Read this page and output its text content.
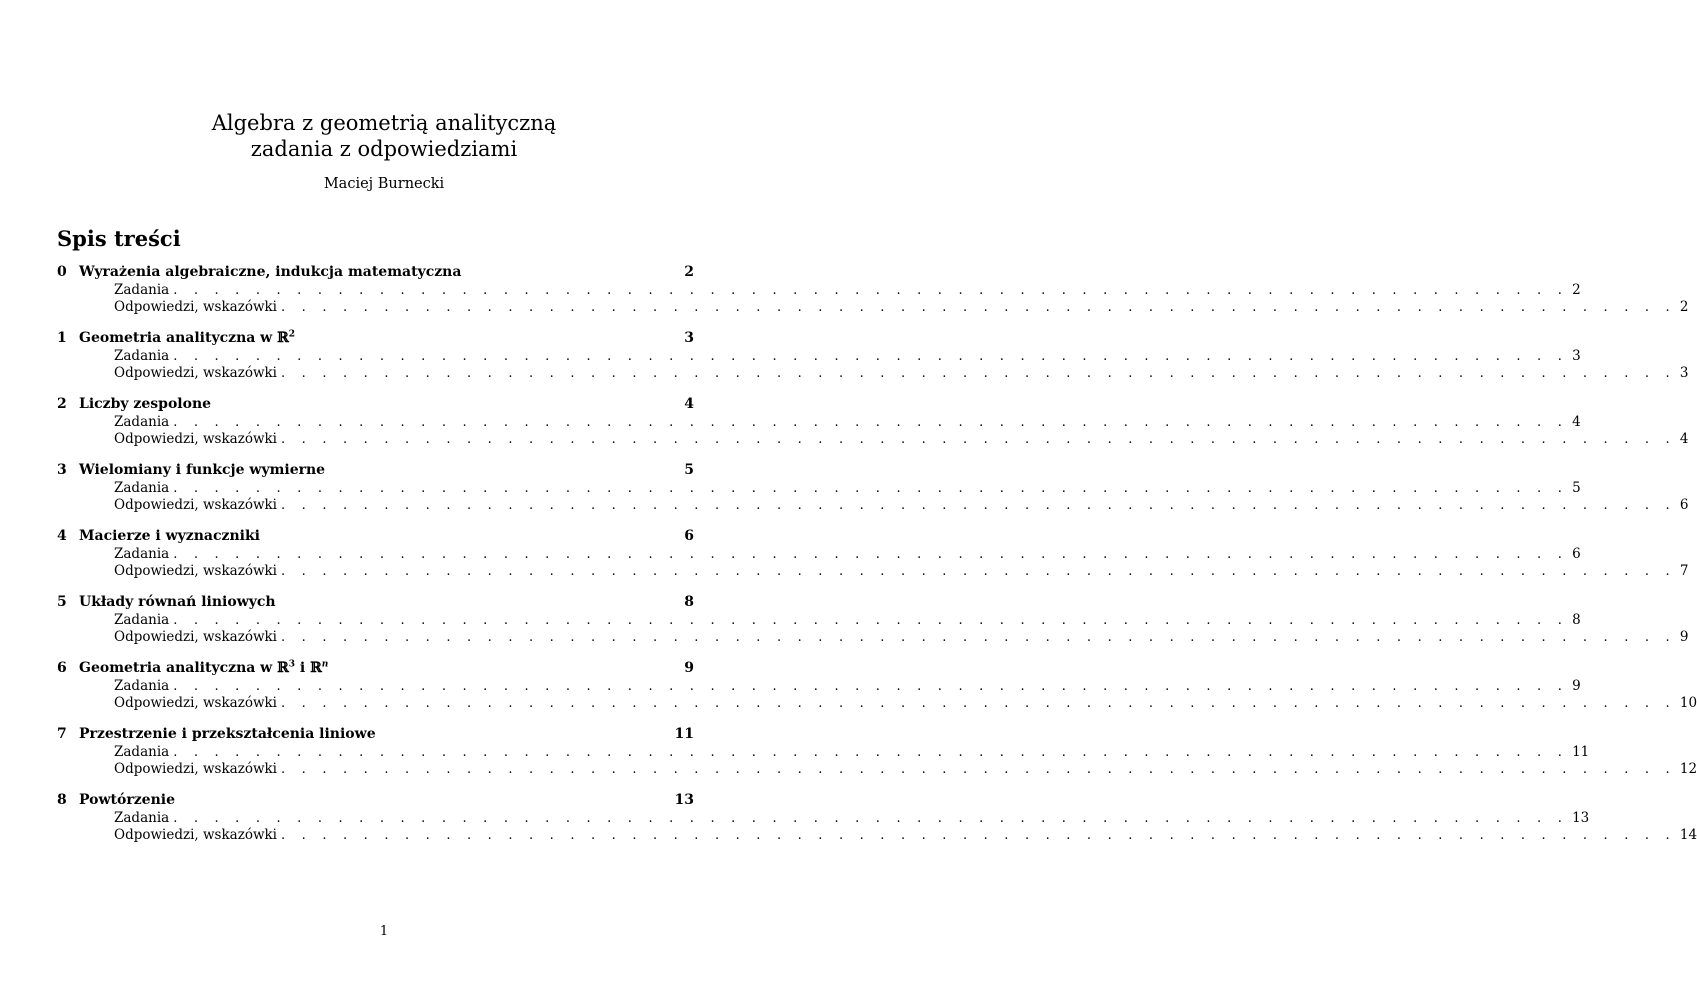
Algebra z geometrią analityczną
zadania z odpowiedziami
Maciej Burnecki
Spis treści
0 Wyrażenia algebraiczne, indukcja matematyczna	2
Zadania . . . . . . . . . . . . . . . . . . . . . . . . . . . . . . . . . . . . . . . . . . . . . . . . . . . . . . . . . . . . . . . . . . . . 2
Odpowiedzi, wskazówki . . . . . . . . . . . . . . . . . . . . . . . . . . . . . . . . . . . . . . . . . . . . . . . . . . . . . . . . . . . . . . . . . . . . 2
1 Geometria analityczna w ℝ$^2$	3
Zadania . . . . . . . . . . . . . . . . . . . . . . . . . . . . . . . . . . . . . . . . . . . . . . . . . . . . . . . . . . . . . . . . . . . . 3
Odpowiedzi, wskazówki . . . . . . . . . . . . . . . . . . . . . . . . . . . . . . . . . . . . . . . . . . . . . . . . . . . . . . . . . . . . . . . . . . . . 3
2 Liczby zespolone	4
Zadania . . . . . . . . . . . . . . . . . . . . . . . . . . . . . . . . . . . . . . . . . . . . . . . . . . . . . . . . . . . . . . . . . . . . 4
Odpowiedzi, wskazówki . . . . . . . . . . . . . . . . . . . . . . . . . . . . . . . . . . . . . . . . . . . . . . . . . . . . . . . . . . . . . . . . . . . . 4
3 Wielomiany i funkcje wymierne	5
Zadania . . . . . . . . . . . . . . . . . . . . . . . . . . . . . . . . . . . . . . . . . . . . . . . . . . . . . . . . . . . . . . . . . . . . 5
Odpowiedzi, wskazówki . . . . . . . . . . . . . . . . . . . . . . . . . . . . . . . . . . . . . . . . . . . . . . . . . . . . . . . . . . . . . . . . . . . . 6
4 Macierze i wyznaczniki	6
Zadania . . . . . . . . . . . . . . . . . . . . . . . . . . . . . . . . . . . . . . . . . . . . . . . . . . . . . . . . . . . . . . . . . . . . 6
Odpowiedzi, wskazówki . . . . . . . . . . . . . . . . . . . . . . . . . . . . . . . . . . . . . . . . . . . . . . . . . . . . . . . . . . . . . . . . . . . . 7
5 Układy równań liniowych	8
Zadania . . . . . . . . . . . . . . . . . . . . . . . . . . . . . . . . . . . . . . . . . . . . . . . . . . . . . . . . . . . . . . . . . . . . 8
Odpowiedzi, wskazówki . . . . . . . . . . . . . . . . . . . . . . . . . . . . . . . . . . . . . . . . . . . . . . . . . . . . . . . . . . . . . . . . . . . . 9
6 Geometria analityczna w ℝ$^3$ i ℝ$^n$	9
Zadania . . . . . . . . . . . . . . . . . . . . . . . . . . . . . . . . . . . . . . . . . . . . . . . . . . . . . . . . . . . . . . . . . . . . 9
Odpowiedzi, wskazówki . . . . . . . . . . . . . . . . . . . . . . . . . . . . . . . . . . . . . . . . . . . . . . . . . . . . . . . . . . . . . . . . . . . . 10
7 Przestrzenie i przekształcenia liniowe	11
Zadania . . . . . . . . . . . . . . . . . . . . . . . . . . . . . . . . . . . . . . . . . . . . . . . . . . . . . . . . . . . . . . . . . . . . 11
Odpowiedzi, wskazówki . . . . . . . . . . . . . . . . . . . . . . . . . . . . . . . . . . . . . . . . . . . . . . . . . . . . . . . . . . . . . . . . . . . . 12
8 Powtórzenie	13
Zadania . . . . . . . . . . . . . . . . . . . . . . . . . . . . . . . . . . . . . . . . . . . . . . . . . . . . . . . . . . . . . . . . . . . . 13
Odpowiedzi, wskazówki . . . . . . . . . . . . . . . . . . . . . . . . . . . . . . . . . . . . . . . . . . . . . . . . . . . . . . . . . . . . . . . . . . . . 14
1
